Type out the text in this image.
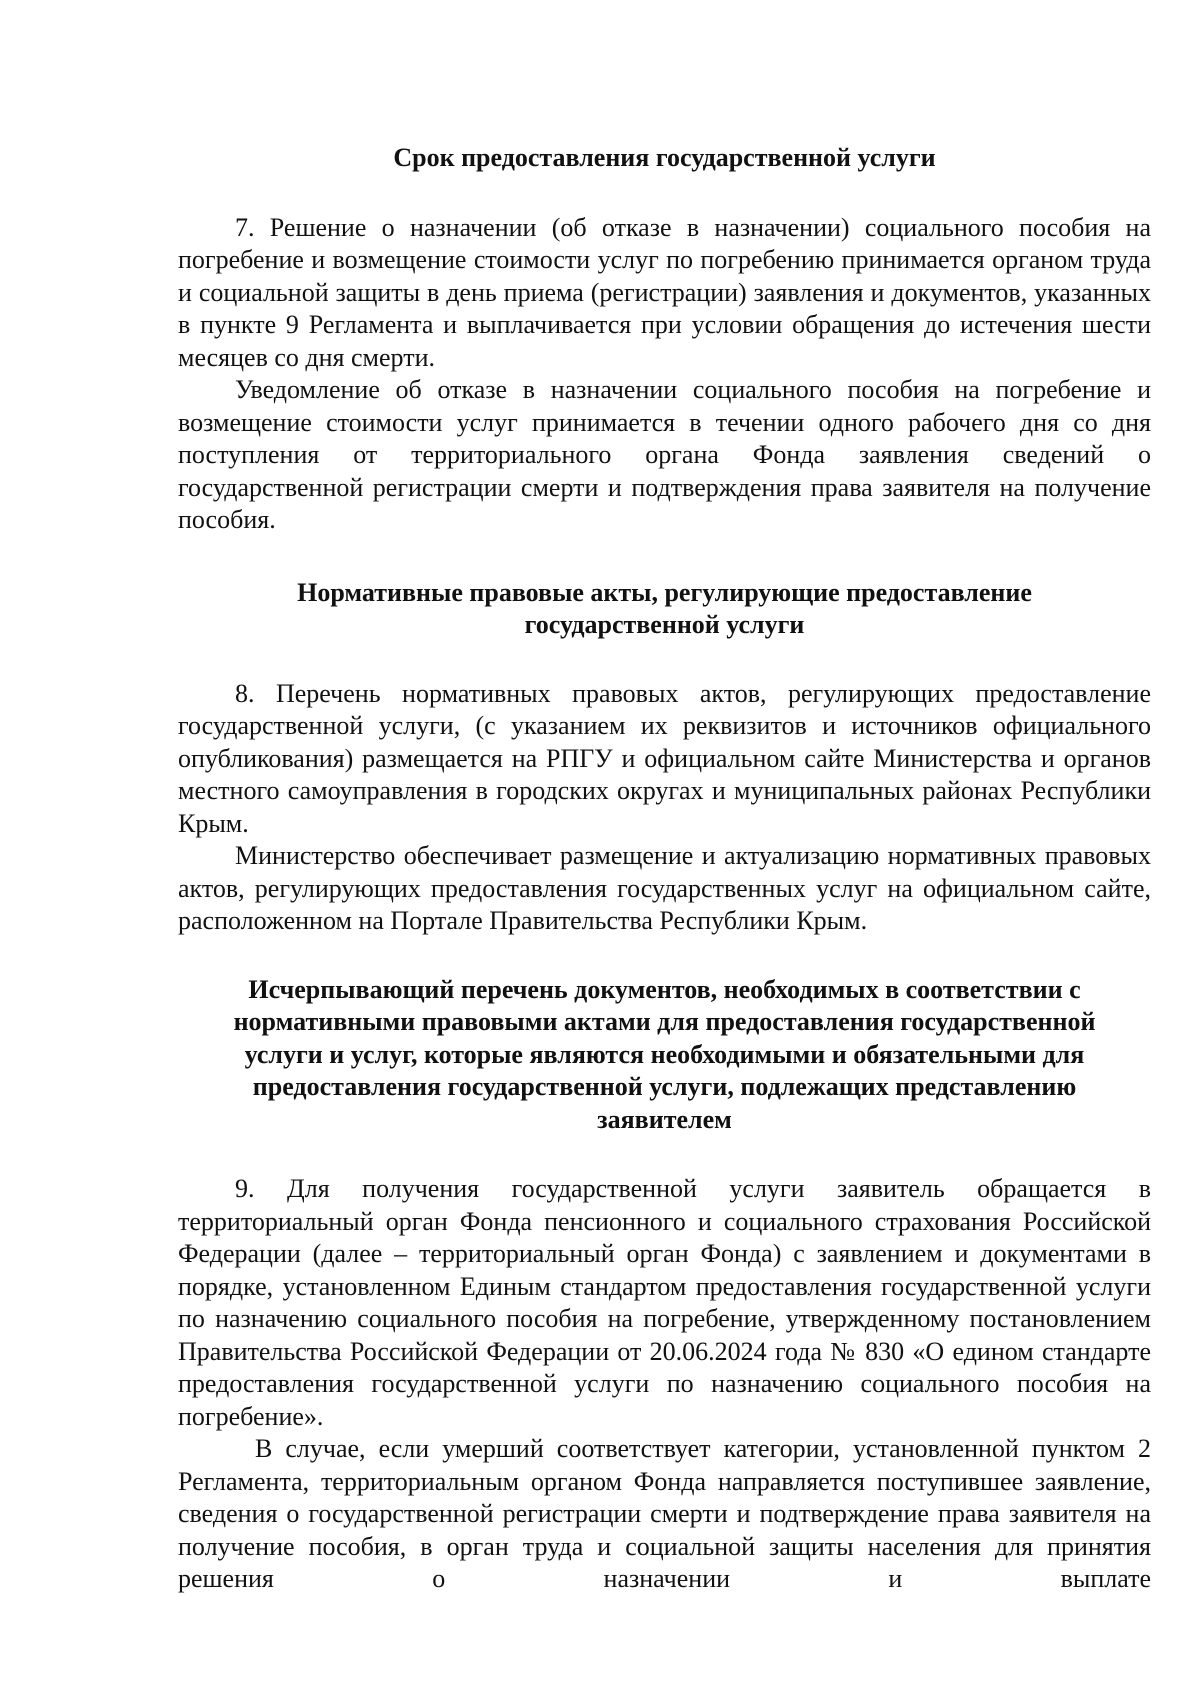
Срок предоставления государственной услуги

7. Решение о назначении (об отказе в назначении) социального пособия на погребение и возмещение стоимости услуг по погребению принимается органом труда и социальной защиты в день приема (регистрации) заявления и документов, указанных в пункте 9 Регламента и выплачивается при условии обращения до истечения шести месяцев со дня смерти.

Уведомление об отказе в назначении социального пособия на погребение и возмещение стоимости услуг принимается в течении одного рабочего дня со дня поступления от территориального органа Фонда заявления сведений о государственной регистрации смерти и подтверждения права заявителя на получение пособия.

Нормативные правовые акты, регулирующие предоставление
государственной услуги

8. Перечень нормативных правовых актов, регулирующих предоставление государственной услуги, (с указанием их реквизитов и источников официального опубликования) размещается на РПГУ и официальном сайте Министерства и органов местного самоуправления в городских округах и муниципальных районах Республики Крым.

Министерство обеспечивает размещение и актуализацию нормативных правовых актов, регулирующих предоставления государственных услуг на официальном сайте, расположенном на Портале Правительства Республики Крым.

Исчерпывающий перечень документов, необходимых в соответствии с
нормативными правовыми актами для предоставления государственной
услуги и услуг, которые являются необходимыми и обязательными для
предоставления государственной услуги, подлежащих представлению
заявителем

9. Для получения государственной услуги заявитель обращается в территориальный орган Фонда пенсионного и социального страхования Российской Федерации (далее – территориальный орган Фонда) с заявлением и документами в порядке, установленном Единым стандартом предоставления государственной услуги по назначению социального пособия на погребение, утвержденному постановлением Правительства Российской Федерации от 20.06.2024 года № 830 «О едином стандарте предоставления государственной услуги по назначению социального пособия на погребение».

В случае, если умерший соответствует категории, установленной пунктом 2 Регламента, территориальным органом Фонда направляется поступившее заявление, сведения о государственной регистрации смерти и подтверждение права заявителя на получение пособия, в орган труда и социальной защиты населения для принятия решения о назначении и выплате
